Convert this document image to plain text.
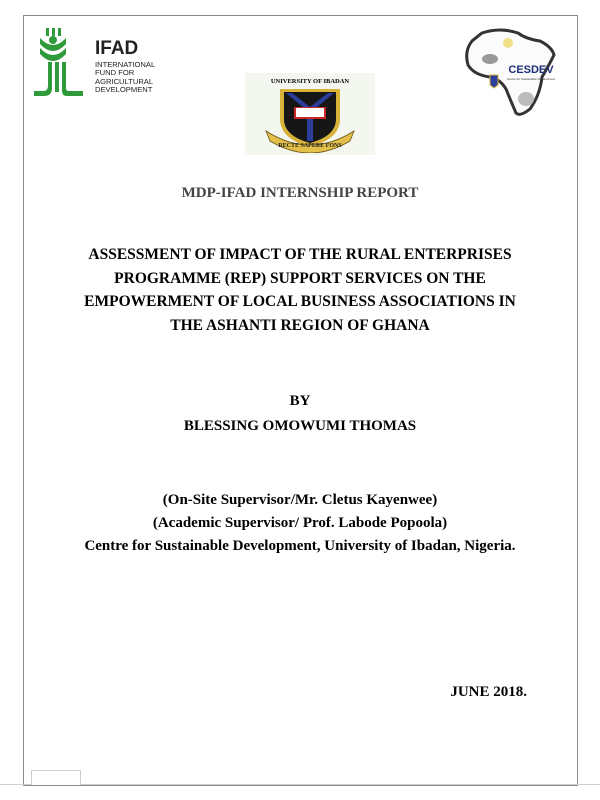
IFAD
INTERNATIONAL
FUND FOR
AGRICULTURAL
DEVELOPMENT
UNIVERSITY OF IBADAN
RECTE SAPERE FONS
CESDEV
Centre for Sustainable Development
MDP-IFAD INTERNSHIP REPORT
ASSESSMENT OF IMPACT OF THE RURAL ENTERPRISES
PROGRAMME (REP) SUPPORT SERVICES ON THE
EMPOWERMENT OF LOCAL BUSINESS ASSOCIATIONS IN
THE ASHANTI REGION OF GHANA
BY
BLESSING OMOWUMI THOMAS
(On-Site Supervisor/Mr. Cletus Kayenwee)
(Academic Supervisor/ Prof. Labode Popoola)
Centre for Sustainable Development, University of Ibadan, Nigeria.
JUNE 2018.
